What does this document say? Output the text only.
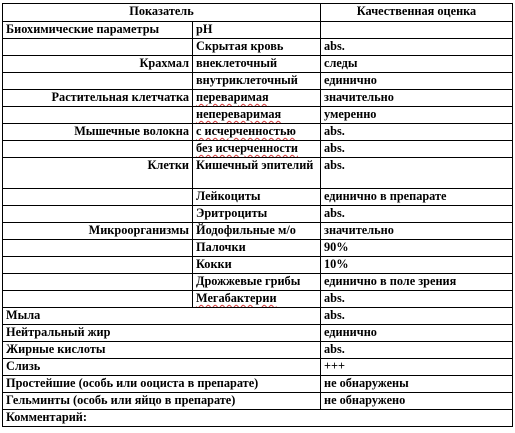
Показатель		Качественная оценка
Биохимические параметры	pH	
	Скрытая кровь	abs.
Крахмал	внеклеточный	следы
	внутриклеточный	единично
Растительная клетчатка	переваримая	значительно
	непереваримая	умеренно
Мышечные волокна	с исчерченностью	abs.
	без исчерченности	abs.
Клетки	Кишечный эпителий	abs.
	Лейкоциты	единично в препарате
	Эритроциты	abs.
Микроорганизмы	Йодофильные м/о	значительно
	Палочки	90%
	Кокки	10%
	Дрожжевые грибы	единично в поле зрения
	Мегабактерии	abs.
Мыла		abs.
Нейтральный жир		единично
Жирные кислоты		abs.
Слизь		+++
Простейшие (особь или ооциста в препарате)		не обнаружены
Гельминты (особь или яйцо в препарате)		не обнаружено
Комментарий:		
